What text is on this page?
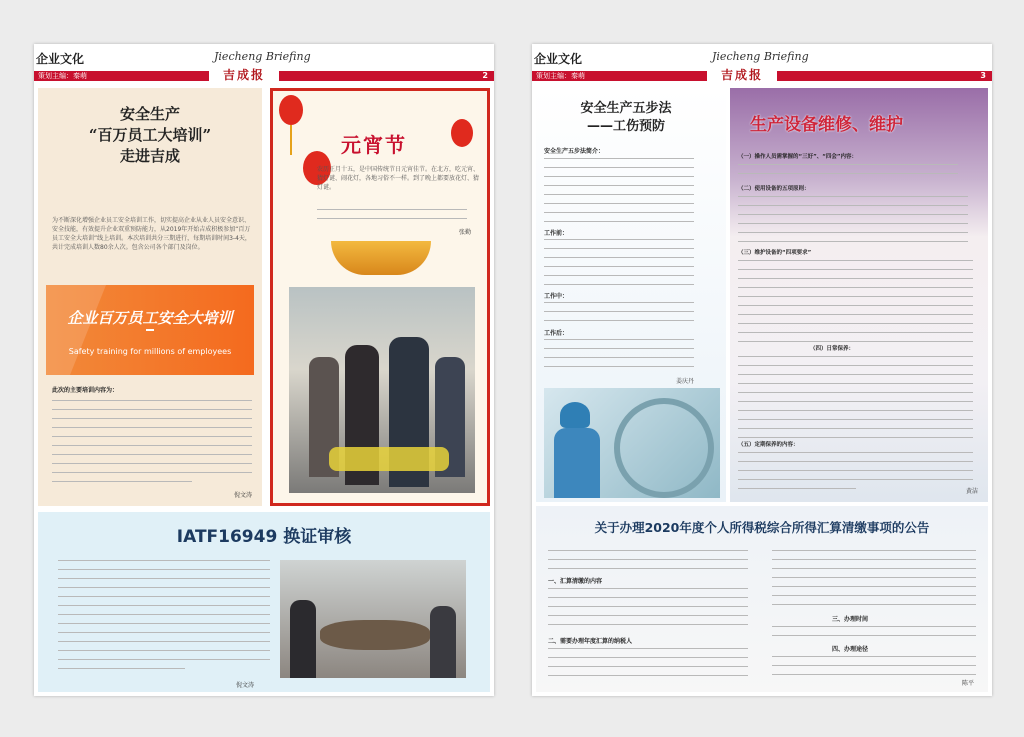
企业文化	Jiecheng Briefing
策划主编：秦萌	吉成报	2
安全生产
“百万员工大培训”
走进吉成
为不断深化增强企业员工安全培训工作，切实提高企业从业人员安全意识、安全技能，有效提升企业双重预防能力，从2019年开始吉成积极参加“百万员工安全大培训”线上培训。本次培训共分三期进行，每期培训时间3-4天，共计完成培训人数80余人次。包含公司各个部门及岗位。
企业百万员工安全大培训
Safety training for millions of employees
此次的主要培训内容为：
倪文涛
元宵节
农历正月十五，是中国传统节日元宵佳节。在北方，吃元宵、猜灯谜、闹花灯，各地习俗不一样。到了晚上都要放花灯、猜灯谜。
张勤
IATF16949 换证审核
倪文涛
企业文化	Jiecheng Briefing
策划主编：秦萌	吉成报	3
安全生产五步法
——工伤预防
安全生产五步法简介：
工作前：
工作中：
工作后：
姜庆丹
生产设备维修、维护
（一）操作人员需掌握的“三好”、“四会”内容：
（二）使用设备的五项原则：
（三）维护设备的“四项要求”
（四）日常保养：
（五）定期保养的内容：
黄洁
关于办理2020年度个人所得税综合所得汇算清缴事项的公告
一、汇算清缴的内容
二、需要办理年度汇算的纳税人
三、办理时间
四、办理途径
陈平
